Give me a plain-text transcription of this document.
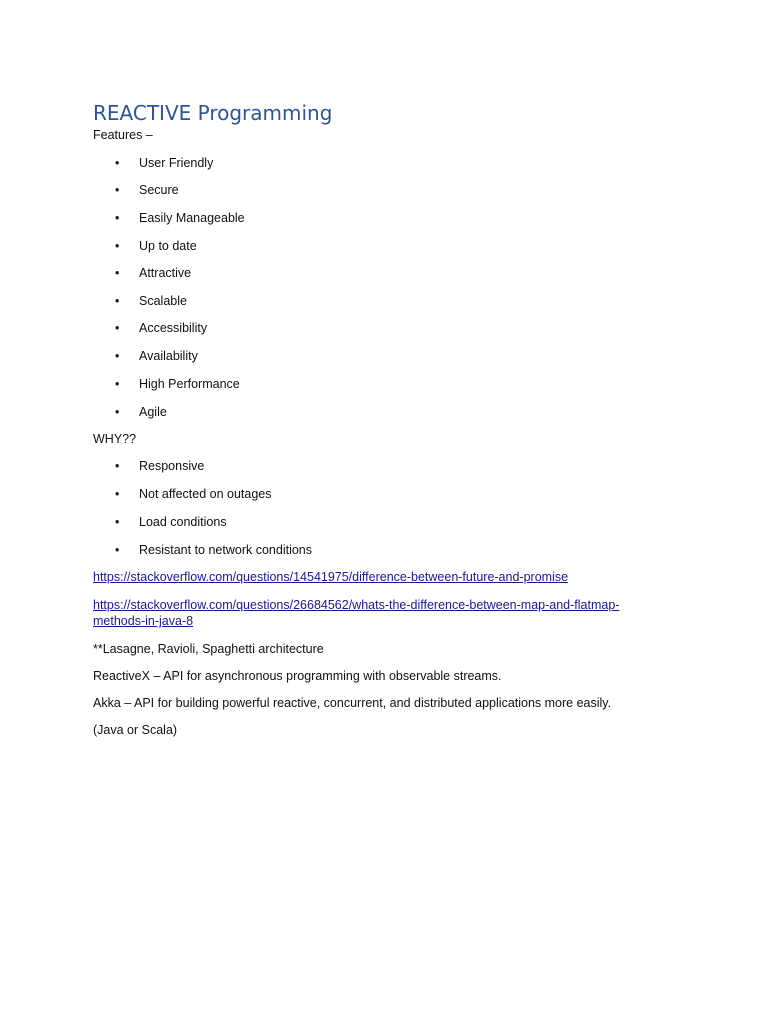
REACTIVE Programming

Features –

• User Friendly
• Secure
• Easily Manageable
• Up to date
• Attractive
• Scalable
• Accessibility
• Availability
• High Performance
• Agile

WHY??

• Responsive
• Not affected on outages
• Load conditions
• Resistant to network conditions
https://stackoverflow.com/questions/14541975/difference-between-future-and-promise
https://stackoverflow.com/questions/26684562/whats-the-difference-between-map-and-flatmap-
methods-in-java-8

**Lasagne, Ravioli, Spaghetti architecture

ReactiveX – API for asynchronous programming with observable streams.

Akka – API for building powerful reactive, concurrent, and distributed applications more easily.

(Java or Scala)
